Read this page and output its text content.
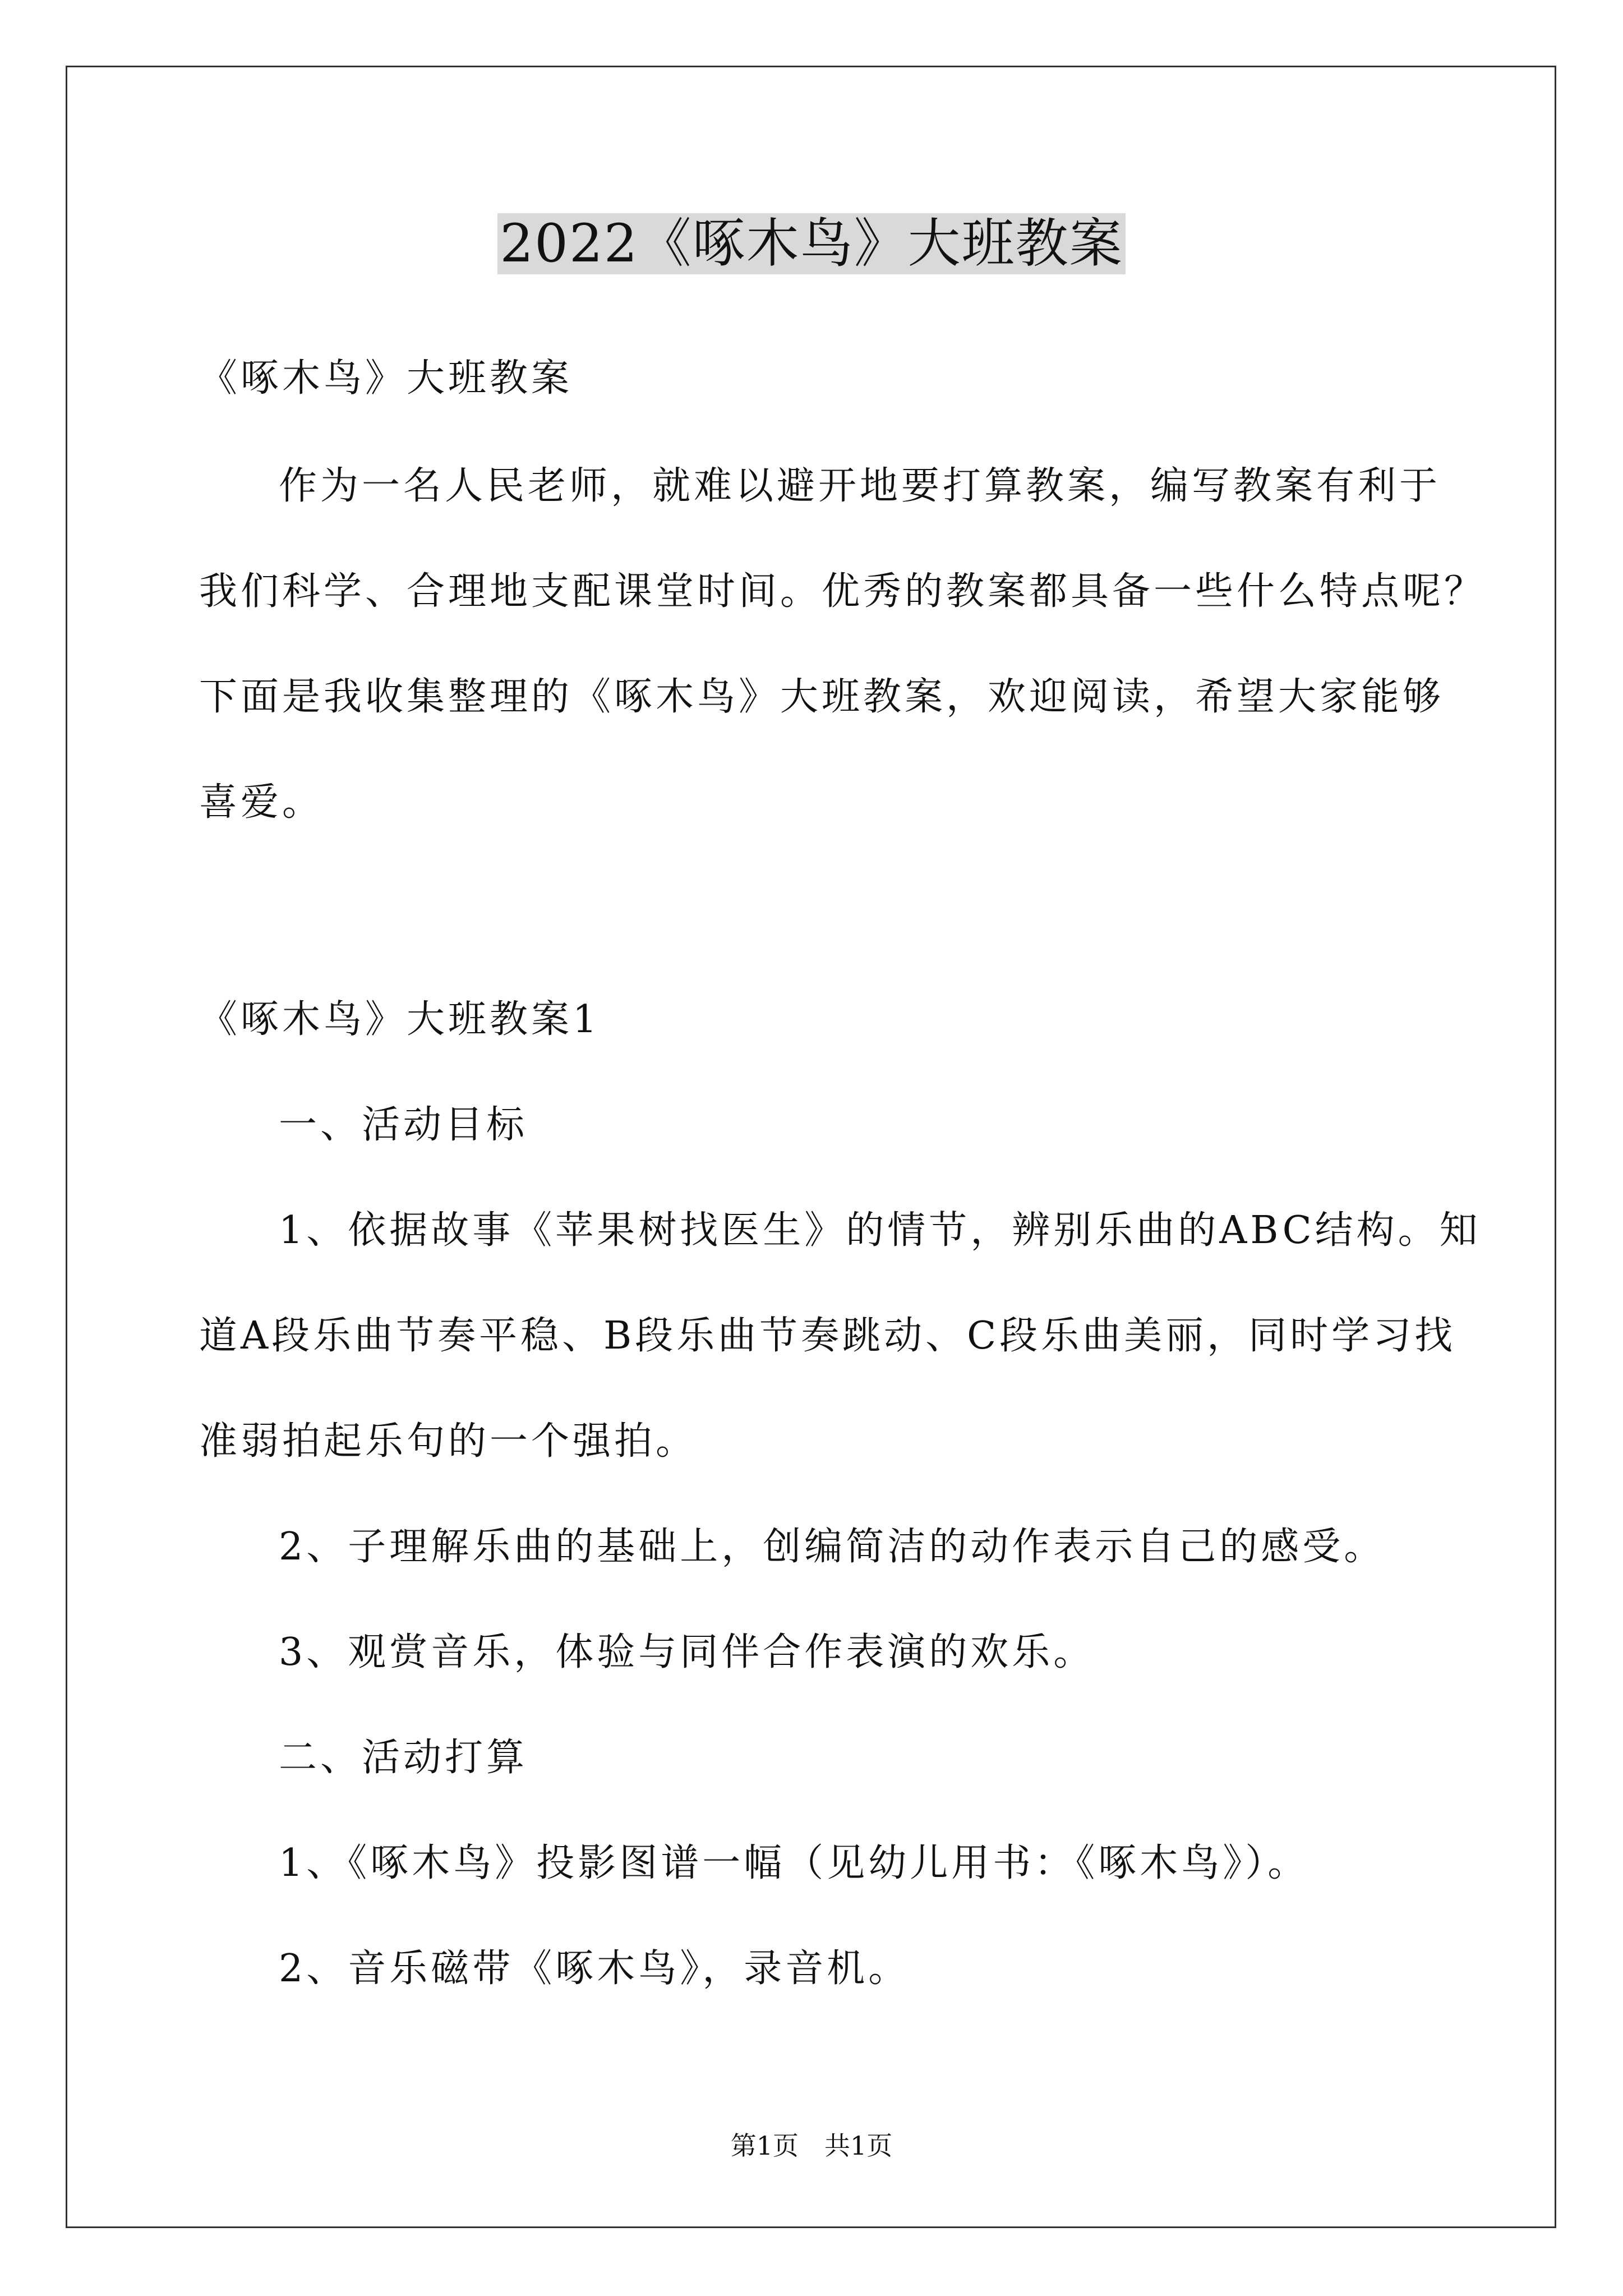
2022《啄木鸟》大班教案
《啄木鸟》大班教案
作为一名人民老师，就难以避开地要打算教案，编写教案有利于
我们科学、合理地支配课堂时间。优秀的教案都具备一些什么特点呢？
下面是我收集整理的《啄木鸟》大班教案，欢迎阅读，希望大家能够
喜爱。
《啄木鸟》大班教案1
一、活动目标
1、依据故事《苹果树找医生》的情节，辨别乐曲的ABC结构。知
道A段乐曲节奏平稳、B段乐曲节奏跳动、C段乐曲美丽，同时学习找
准弱拍起乐句的一个强拍。
2、子理解乐曲的基础上，创编简洁的动作表示自己的感受。
3、观赏音乐，体验与同伴合作表演的欢乐。
二、活动打算
1、《啄木鸟》投影图谱一幅（见幼儿用书：《啄木鸟》）。
2、音乐磁带《啄木鸟》，录音机。
第1页　共1页
